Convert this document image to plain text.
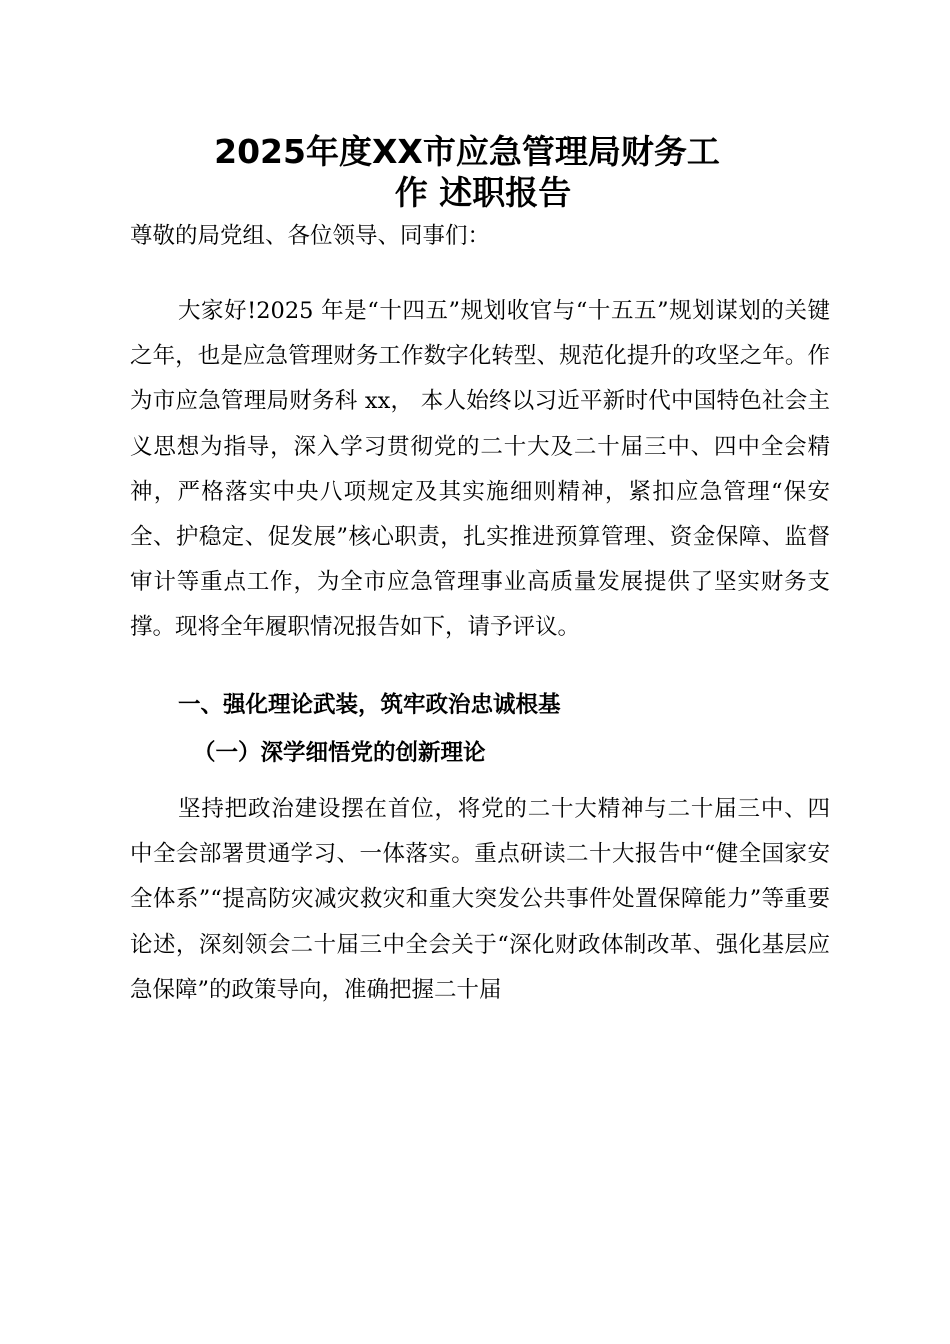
2025年度XX市应急管理局财务工
作 述职报告

尊敬的局党组、各位领导、同事们：

大家好!2025 年是“十四五”规划收官与“十五五”规划谋划的关键之年，也是应急管理财务工作数字化转型、规范化提升的攻坚之年。作为市应急管理局财务科 xx， 本人始终以习近平新时代中国特色社会主义思想为指导，深入学习贯彻党的二十大及二十届三中、四中全会精神，严格落实中央八项规定及其实施细则精神，紧扣应急管理“保安全、护稳定、促发展”核心职责，扎实推进预算管理、资金保障、监督审计等重点工作，为全市应急管理事业高质量发展提供了坚实财务支撑。现将全年履职情况报告如下，请予评议。

一、强化理论武装，筑牢政治忠诚根基
（一）深学细悟党的创新理论

坚持把政治建设摆在首位，将党的二十大精神与二十届三中、四中全会部署贯通学习、一体落实。重点研读二十大报告中“健全国家安全体系”“提高防灾减灾救灾和重大突发公共事件处置保障能力”等重要论述，深刻领会二十届三中全会关于“深化财政体制改革、强化基层应急保障”的政策导向，准确把握二十届
